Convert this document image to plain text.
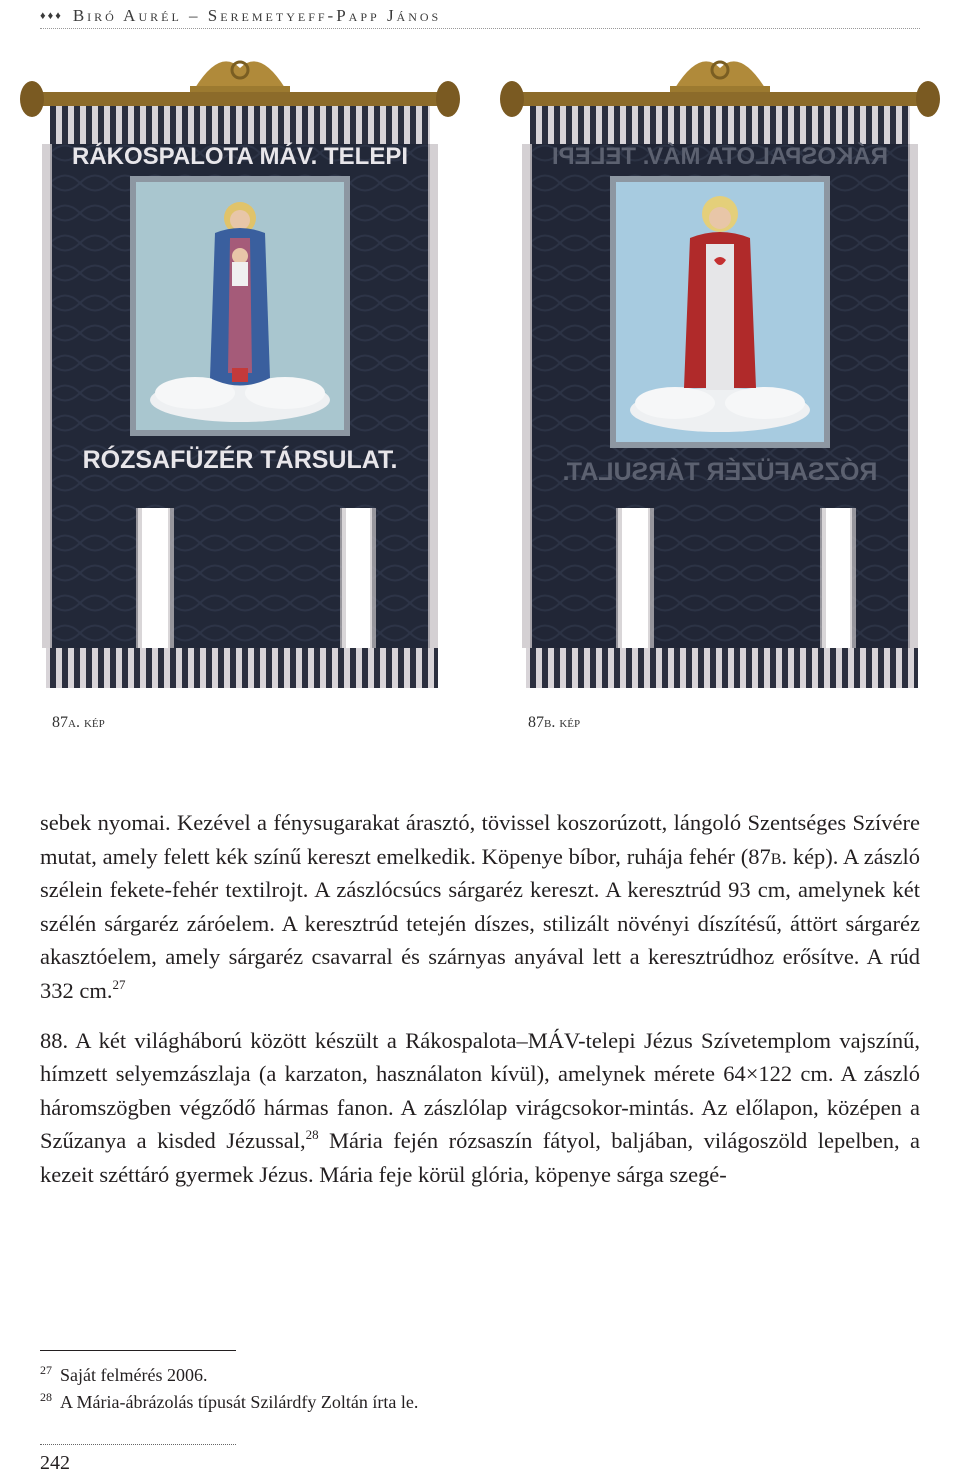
♦♦♦ Biró Aurél – Seremetyeff-Papp János
RÁKOSPALOTA MÁV. TELEPI
RÓZSAFÜZÉR TÁRSULAT.
RÁKOSPALOTA MÁV. TELEPI
RÓZSAFÜZÉR TÁRSULAT.
87a. kép	87b. kép

sebek nyomai. Kezével a fénysugarakat árasztó, tövissel koszorúzott, lángoló Szentséges Szívére mutat, amely felett kék színű kereszt emelkedik. Köpenye bíbor, ruhája fehér (87b. kép). A zászló szélein fekete-fehér textilrojt. A zászlócsúcs sárgaréz kereszt. A keresztrúd 93 cm, amelynek két szélén sárgaréz záróelem. A keresztrúd tetején díszes, stilizált növényi díszítésű, áttört sárgaréz akasztóelem, amely sárgaréz csavarral és szárnyas anyával lett a keresztrúdhoz erősítve. A rúd 332 cm.$^{27}$

88. A két világháború között készült a Rákospalota–MÁV-telepi Jézus Szívetemplom vajszínű, hímzett selyemzászlaja (a karzaton, használaton kívül), amelynek mérete 64×122 cm. A zászló háromszögben végződő hármas fanon. A zászlólap virágcsokor-mintás. Az előlapon, középen a Szűzanya a kisded Jézussal,$^{28}$ Mária fején rózsaszín fátyol, baljában, világoszöld lepelben, a kezeit széttáró gyermek Jézus. Mária feje körül glória, köpenye sárga szegé-

$^{27}$ Saját felmérés 2006.

$^{28}$ A Mária-ábrázolás típusát Szilárdfy Zoltán írta le.

242
